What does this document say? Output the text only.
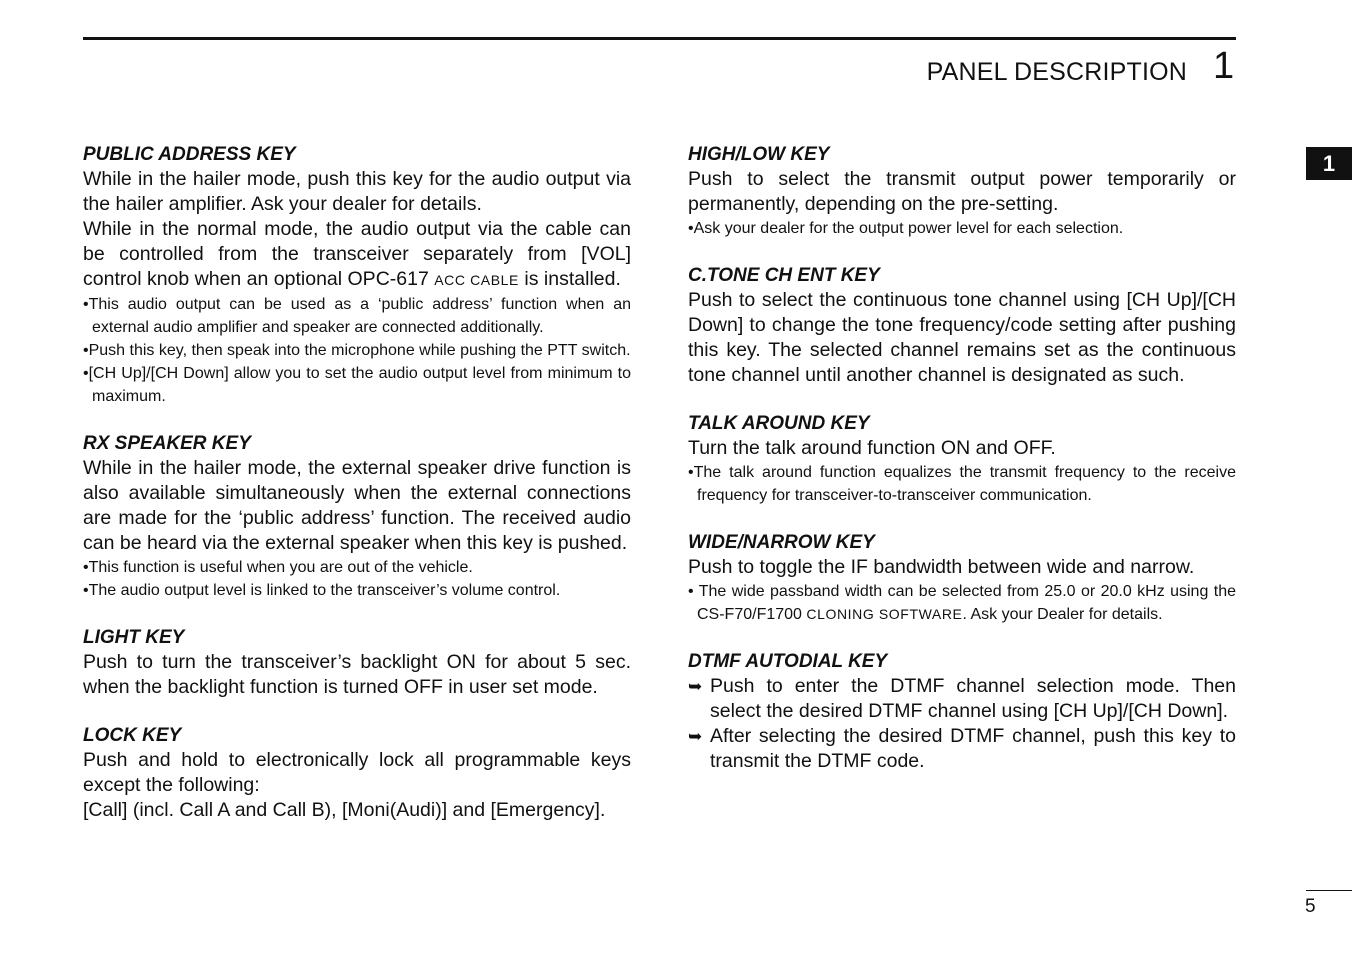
PANEL DESCRIPTION 1
1
5
PUBLIC ADDRESS KEY
While in the hailer mode, push this key for the audio output via the hailer amplifier. Ask your dealer for details.
While in the normal mode, the audio output via the cable can be controlled from the transceiver separately from [VOL] control knob when an optional OPC-617 ACC CABLE is installed.
•This audio output can be used as a ‘public address’ function when an external audio amplifier and speaker are connected additionally.
•Push this key, then speak into the microphone while pushing the PTT switch.
•[CH Up]/[CH Down] allow you to set the audio output level from minimum to maximum.
RX SPEAKER KEY
While in the hailer mode, the external speaker drive function is also available simultaneously when the external connections are made for the ‘public address’ function. The received audio can be heard via the external speaker when this key is pushed.
•This function is useful when you are out of the vehicle.
•The audio output level is linked to the transceiver’s volume control.
LIGHT KEY
Push to turn the transceiver’s backlight ON for about 5 sec. when the backlight function is turned OFF in user set mode.
LOCK KEY
Push and hold to electronically lock all programmable keys except the following:
[Call] (incl. Call A and Call B), [Moni(Audi)] and [Emergency].
HIGH/LOW KEY
Push to select the transmit output power temporarily or permanently, depending on the pre-setting.
•Ask your dealer for the output power level for each selection.
C.TONE CH ENT KEY
Push to select the continuous tone channel using [CH Up]/[CH Down] to change the tone frequency/code setting after pushing this key. The selected channel remains set as the continuous tone channel until another channel is designated as such.
TALK AROUND KEY
Turn the talk around function ON and OFF.
•The talk around function equalizes the transmit frequency to the receive frequency for transceiver-to-transceiver communication.
WIDE/NARROW KEY
Push to toggle the IF bandwidth between wide and narrow.
• The wide passband width can be selected from 25.0 or 20.0 kHz using the CS-F70/F1700 CLONING SOFTWARE. Ask your Dealer for details.
DTMF AUTODIAL KEY
➥ Push to enter the DTMF channel selection mode. Then select the desired DTMF channel using [CH Up]/[CH Down].
➥ After selecting the desired DTMF channel, push this key to transmit the DTMF code.
